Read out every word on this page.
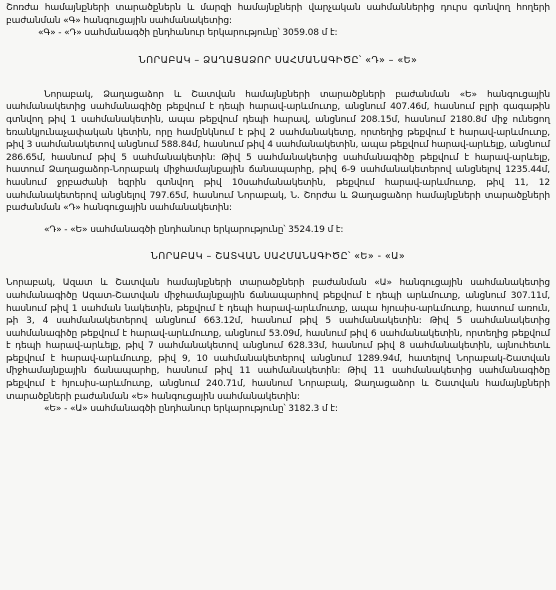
Շոռժա համայնքների տարածքներն և մարզի համայնքների վարչական սահմաններից դուրս գտնվող հողերի բաժանման «Գ» հանգուցային սահմանակետից:

«Գ» - «Դ» սահմանագծի ընդհանուր երկարությունը՝ 3059.08 մ է:

ՆՈՐԱԲԱԿ – ՁԱՂԱՑԱՁՈՐ ՍԱՀՄԱՆԱԳԻԾԸ՝ «Դ» – «Ե»

Նորաբակ, Ձաղացաձոր և Շատվան համայնքների տարածքների բաժանման «Ե» հանգուցային սահմանակետից սահմանագիծը թեքվում է դեպի հարավ-արևմուտք, անցնում 407.46մ, հասնում բլրի գագաթին գտնվող թիվ 1 սահմանակետին, ապա թեքվում դեպի հարավ, անցնում 208.15մ, հասնում 2180.8մ միջ ունեցող եռանկյունաչափական կետին, որը համընկնում է թիվ 2 սահմանակետը, որտեղից թեքվում է հարավ-արևմուտք, թիվ 3 սահմանակետով անցնում 588.84մ, հասնում թիվ 4 սահմանակետին, ապա թեքվում հարավ-արևելք, անցնում 286.65մ, հասնում թիվ 5 սահմանակետին: Թիվ 5 սահմանակետից սահմանագիծը թեքվում է հարավ-արևելք, հատում Ձաղացաձոր-Նորաբակ միջհամայնքային ճանապարհը, թիվ 6-9 սահմանակետերով անցնելով 1235.44մ, հասնում ջրբաժանի եզրին գտնվող թիվ 10սահմանակետին, թեքվում հարավ-արևմուտք, թիվ 11, 12 սահմանակետերով անցնելով 797.65մ, հասնում Նորաբակ, Ն. Շորժա և Ձաղացաձոր համայնքների տարածքների բաժանման «Դ» հանգուցային սահմանակետին:

«Դ» - «Ե» սահմանագծի ընդհանուր երկարությունը՝ 3524.19 մ է:

ՆՈՐԱԲԱԿ – ՇԱՏՎԱՆ ՍԱՀՄԱՆԱԳԻԾԸ՝ «Ե» - «Ա»

Նորաբակ, Ազատ և Շատվան համայնքների տարածքների բաժանման «Ա» հանգուցային սահմանակետից սահմանագիծը Ազատ-Շատվան միջհամայնքային ճանապարհով թեքվում է դեպի արևմուտք, անցնում 307.11մ, հասնում թիվ 1 սահման նակետին, թեքվում է դեպի հարավ-արևմուտք, ապա հյուսիս-արևմուտք, հատում առուն, թի 3, 4 սահմանակետերով անցնում 663.12մ, հասնում թիվ 5 սահմանակետին: Թիվ 5 սահմանակետից սահմանագիծը թեքվում է հարավ-արևմուտք, անցնում 53.09մ, հասնում թիվ 6 սահմանակետին, որտեղից թեքվում է դեպի հարավ-արևելք, թիվ 7 սահմանակետով անցնում 628.33մ, հասնում թիվ 8 սահմանակետին, այնուհետև թեքվում է հարավ-արևմուտք, թիվ 9, 10 սահմանակետերով անցնում 1289.94մ, հատելով Նորաբակ-Շատվան միջհամայնքային ճանապարհը, հասնում թիվ 11 սահմանակետին: Թիվ 11 սահմանակետից սահմանագիծը թեքվում է հյուսիս-արևմուտք, անցնում 240.71մ, հասնում Նորաբակ, Ձաղացաձոր և Շատվան համայնքների տարածքների բաժանման «Ե» հանգուցային սահմանակետին:

«Ե» - «Ա» սահմանագծի ընդհանուր երկարությունը՝ 3182.3 մ է:
